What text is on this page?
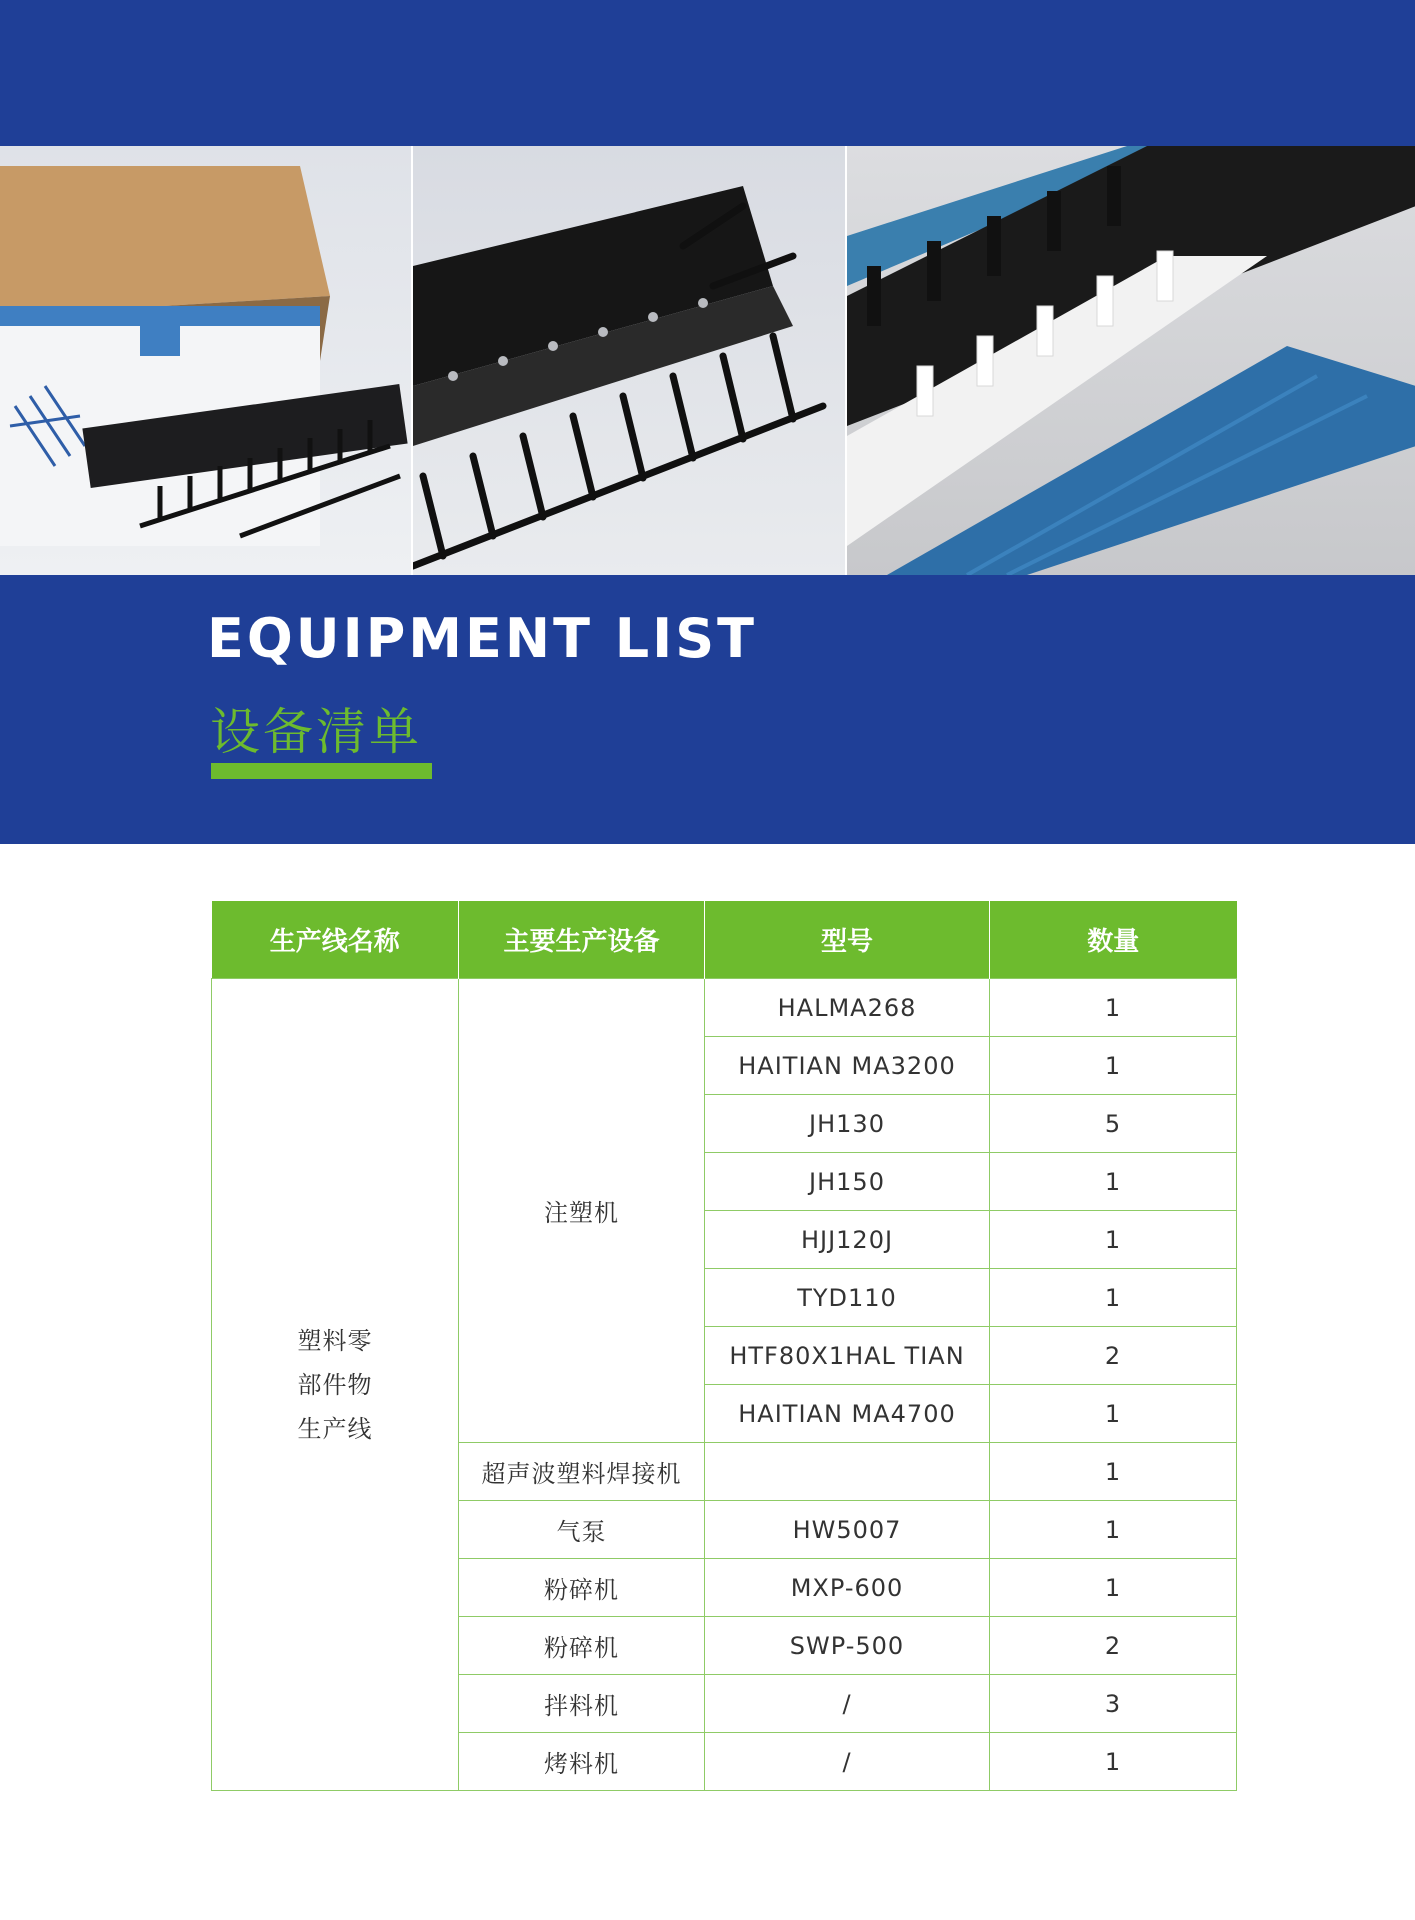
EQUIPMENT LIST
设备清单
生产线名称	主要生产设备	型号	数量

塑料零
部件物
生产线	注塑机	HALMA268	1
		HAITIAN MA3200	1
		JH130	5
		JH150	1
		HJJ120J	1
		TYD110	1
		HTF80X1HAL TIAN	2
		HAITIAN MA4700	1
	超声波塑料焊接机		1
	气泵	HW5007	1
	粉碎机	MXP-600	1
	粉碎机	SWP-500	2
	拌料机	/	3
	烤料机	/	1
